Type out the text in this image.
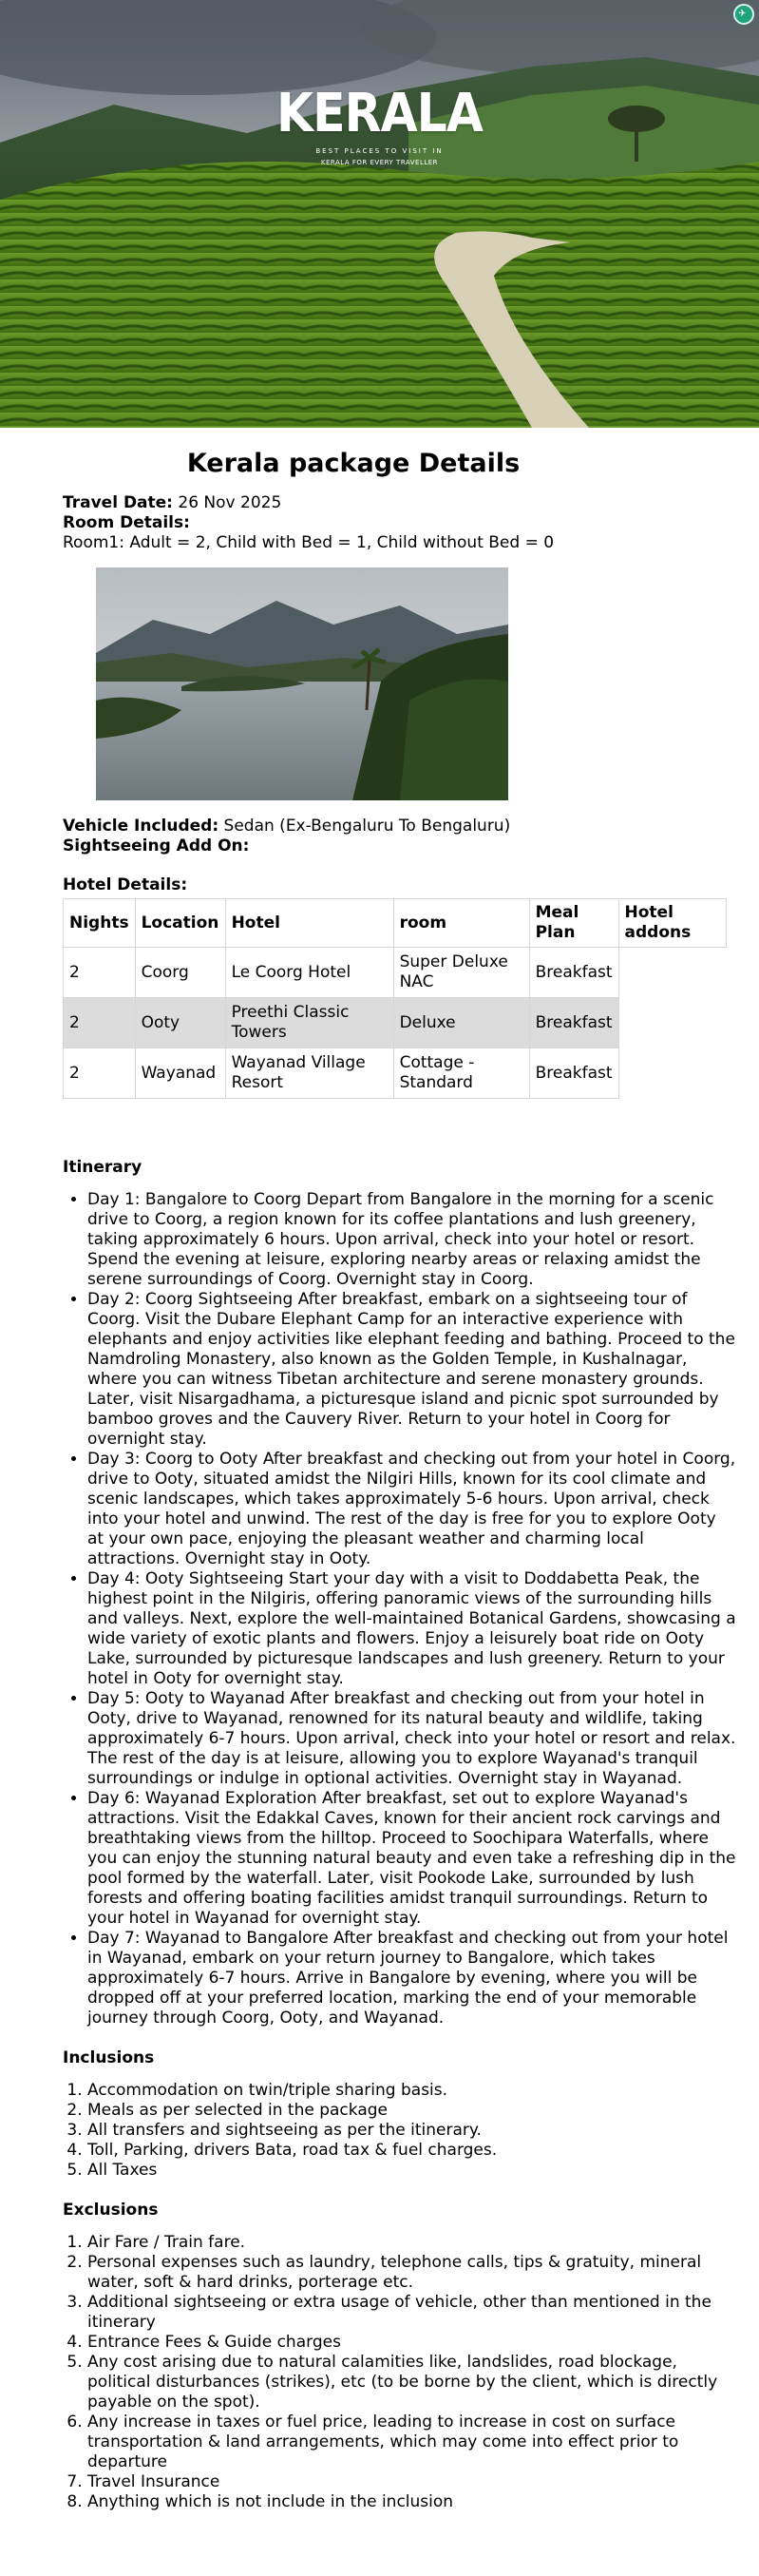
KERALA
BEST PLACES TO VISIT IN
KERALA FOR EVERY TRAVELLER
✈
Kerala package Details
Travel Date: 26 Nov 2025
Room Details:
Room1: Adult = 2, Child with Bed = 1, Child without Bed = 0
Vehicle Included: Sedan (Ex-Bengaluru To Bengaluru)
Sightseeing Add On:
Hotel Details:
Nights	Location	Hotel	room	Meal Plan	Hotel addons
2	Coorg	Le Coorg Hotel	Super Deluxe NAC	Breakfast	
2	Ooty	Preethi Classic Towers	Deluxe	Breakfast	
2	Wayanad	Wayanad Village Resort	Cottage - Standard	Breakfast	
Itinerary
• Day 1: Bangalore to Coorg Depart from Bangalore in the morning for a scenic drive to Coorg, a region known for its coffee plantations and lush greenery, taking approximately 6 hours. Upon arrival, check into your hotel or resort. Spend the evening at leisure, exploring nearby areas or relaxing amidst the serene surroundings of Coorg. Overnight stay in Coorg.
• Day 2: Coorg Sightseeing After breakfast, embark on a sightseeing tour of Coorg. Visit the Dubare Elephant Camp for an interactive experience with elephants and enjoy activities like elephant feeding and bathing. Proceed to the Namdroling Monastery, also known as the Golden Temple, in Kushalnagar, where you can witness Tibetan architecture and serene monastery grounds. Later, visit Nisargadhama, a picturesque island and picnic spot surrounded by bamboo groves and the Cauvery River. Return to your hotel in Coorg for overnight stay.
• Day 3: Coorg to Ooty After breakfast and checking out from your hotel in Coorg, drive to Ooty, situated amidst the Nilgiri Hills, known for its cool climate and scenic landscapes, which takes approximately 5-6 hours. Upon arrival, check into your hotel and unwind. The rest of the day is free for you to explore Ooty at your own pace, enjoying the pleasant weather and charming local attractions. Overnight stay in Ooty.
• Day 4: Ooty Sightseeing Start your day with a visit to Doddabetta Peak, the highest point in the Nilgiris, offering panoramic views of the surrounding hills and valleys. Next, explore the well-maintained Botanical Gardens, showcasing a wide variety of exotic plants and flowers. Enjoy a leisurely boat ride on Ooty Lake, surrounded by picturesque landscapes and lush greenery. Return to your hotel in Ooty for overnight stay.
• Day 5: Ooty to Wayanad After breakfast and checking out from your hotel in Ooty, drive to Wayanad, renowned for its natural beauty and wildlife, taking approximately 6-7 hours. Upon arrival, check into your hotel or resort and relax. The rest of the day is at leisure, allowing you to explore Wayanad's tranquil surroundings or indulge in optional activities. Overnight stay in Wayanad.
• Day 6: Wayanad Exploration After breakfast, set out to explore Wayanad's attractions. Visit the Edakkal Caves, known for their ancient rock carvings and breathtaking views from the hilltop. Proceed to Soochipara Waterfalls, where you can enjoy the stunning natural beauty and even take a refreshing dip in the pool formed by the waterfall. Later, visit Pookode Lake, surrounded by lush forests and offering boating facilities amidst tranquil surroundings. Return to your hotel in Wayanad for overnight stay.
• Day 7: Wayanad to Bangalore After breakfast and checking out from your hotel in Wayanad, embark on your return journey to Bangalore, which takes approximately 6-7 hours. Arrive in Bangalore by evening, where you will be dropped off at your preferred location, marking the end of your memorable journey through Coorg, Ooty, and Wayanad.
Inclusions
1. Accommodation on twin/triple sharing basis.
2. Meals as per selected in the package
3. All transfers and sightseeing as per the itinerary.
4. Toll, Parking, drivers Bata, road tax & fuel charges.
5. All Taxes
Exclusions
1. Air Fare / Train fare.
2. Personal expenses such as laundry, telephone calls, tips & gratuity, mineral water, soft & hard drinks, porterage etc.
3. Additional sightseeing or extra usage of vehicle, other than mentioned in the itinerary
4. Entrance Fees & Guide charges
5. Any cost arising due to natural calamities like, landslides, road blockage, political disturbances (strikes), etc (to be borne by the client, which is directly payable on the spot).
6. Any increase in taxes or fuel price, leading to increase in cost on surface transportation & land arrangements, which may come into effect prior to departure
7. Travel Insurance
8. Anything which is not include in the inclusion
